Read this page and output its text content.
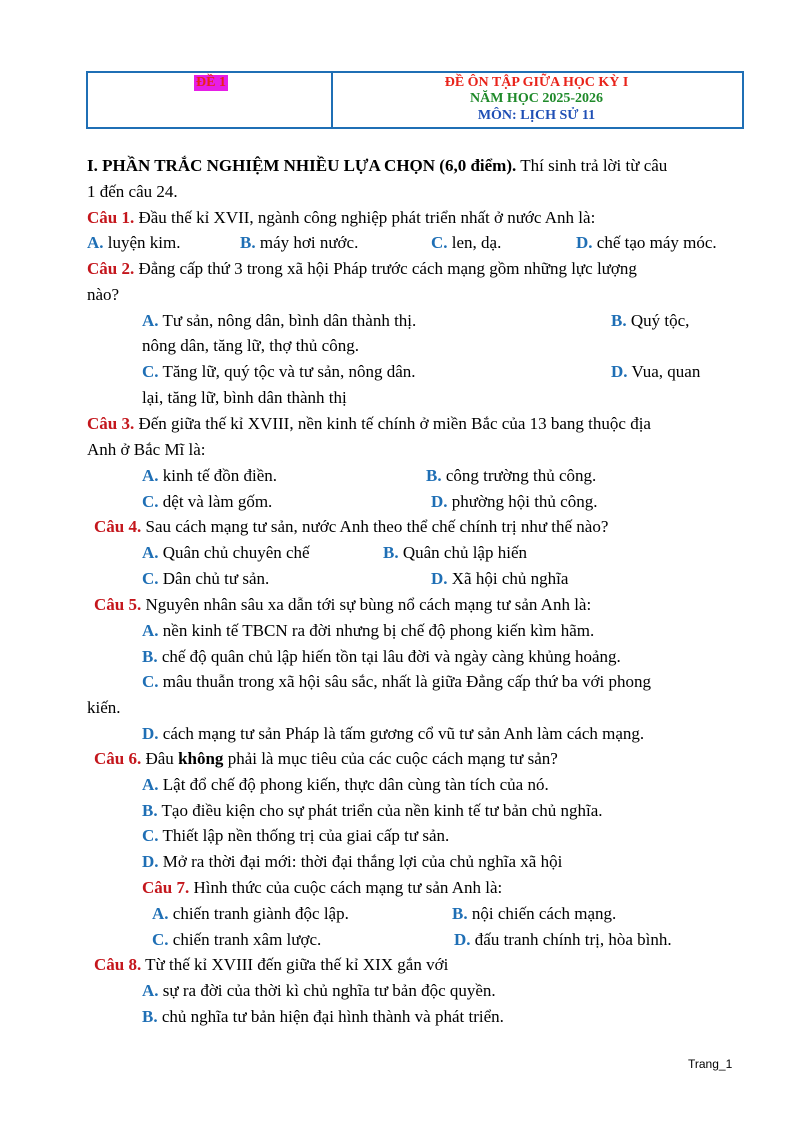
ĐỀ 1	ĐỀ ÔN TẬP GIỮA HỌC KỲ I
NĂM HỌC 2025-2026
MÔN: LỊCH SỬ 11
I. PHẦN TRẮC NGHIỆM NHIỀU LỰA CHỌN (6,0 điểm). Thí sinh trả lời từ câu
1 đến câu 24.
Câu 1. Đầu thế kỉ XVII, ngành công nghiệp phát triển nhất ở nước Anh là:
A. luyện kim.	B. máy hơi nước.	C. len, dạ.	D. chế tạo máy móc.
Câu 2. Đẳng cấp thứ 3 trong xã hội Pháp trước cách mạng gồm những lực lượng
nào?
A. Tư sản, nông dân, bình dân thành thị.	B. Quý tộc,
nông dân, tăng lữ, thợ thủ công.
C. Tăng lữ, quý tộc và tư sản, nông dân.	D. Vua, quan
lại, tăng lữ, bình dân thành thị
Câu 3. Đến giữa thế kỉ XVIII, nền kinh tế chính ở miền Bắc của 13 bang thuộc địa
Anh ở Bắc Mĩ là:
A. kinh tế đồn điền.	B. công trường thủ công.
C. dệt và làm gốm.	D. phường hội thủ công.
Câu 4. Sau cách mạng tư sản, nước Anh theo thể chế chính trị như thế nào?
A. Quân chủ chuyên chế	B. Quân chủ lập hiến
C. Dân chủ tư sản.	D. Xã hội chủ nghĩa
Câu 5. Nguyên nhân sâu xa dẫn tới sự bùng nổ cách mạng tư sản Anh là:
A. nền kinh tế TBCN ra đời nhưng bị chế độ phong kiến kìm hãm.
B. chế độ quân chủ lập hiến tồn tại lâu đời và ngày càng khủng hoảng.
C. mâu thuẫn trong xã hội sâu sắc, nhất là giữa Đẳng cấp thứ ba với phong
kiến.
D. cách mạng tư sản Pháp là tấm gương cổ vũ tư sản Anh làm cách mạng.
Câu 6. Đâu không phải là mục tiêu của các cuộc cách mạng tư sản?
A. Lật đổ chế độ phong kiến, thực dân cùng tàn tích của nó.
B. Tạo điều kiện cho sự phát triển của nền kinh tế tư bản chủ nghĩa.
C. Thiết lập nền thống trị của giai cấp tư sản.
D. Mở ra thời đại mới: thời đại thắng lợi của chủ nghĩa xã hội
Câu 7. Hình thức của cuộc cách mạng tư sản Anh là:
A. chiến tranh giành độc lập.	B. nội chiến cách mạng.
C. chiến tranh xâm lược.	D. đấu tranh chính trị, hòa bình.
Câu 8. Từ thế kỉ XVIII đến giữa thế kỉ XIX gắn với
A. sự ra đời của thời kì chủ nghĩa tư bản độc quyền.
B. chủ nghĩa tư bản hiện đại hình thành và phát triển.
Trang_1
